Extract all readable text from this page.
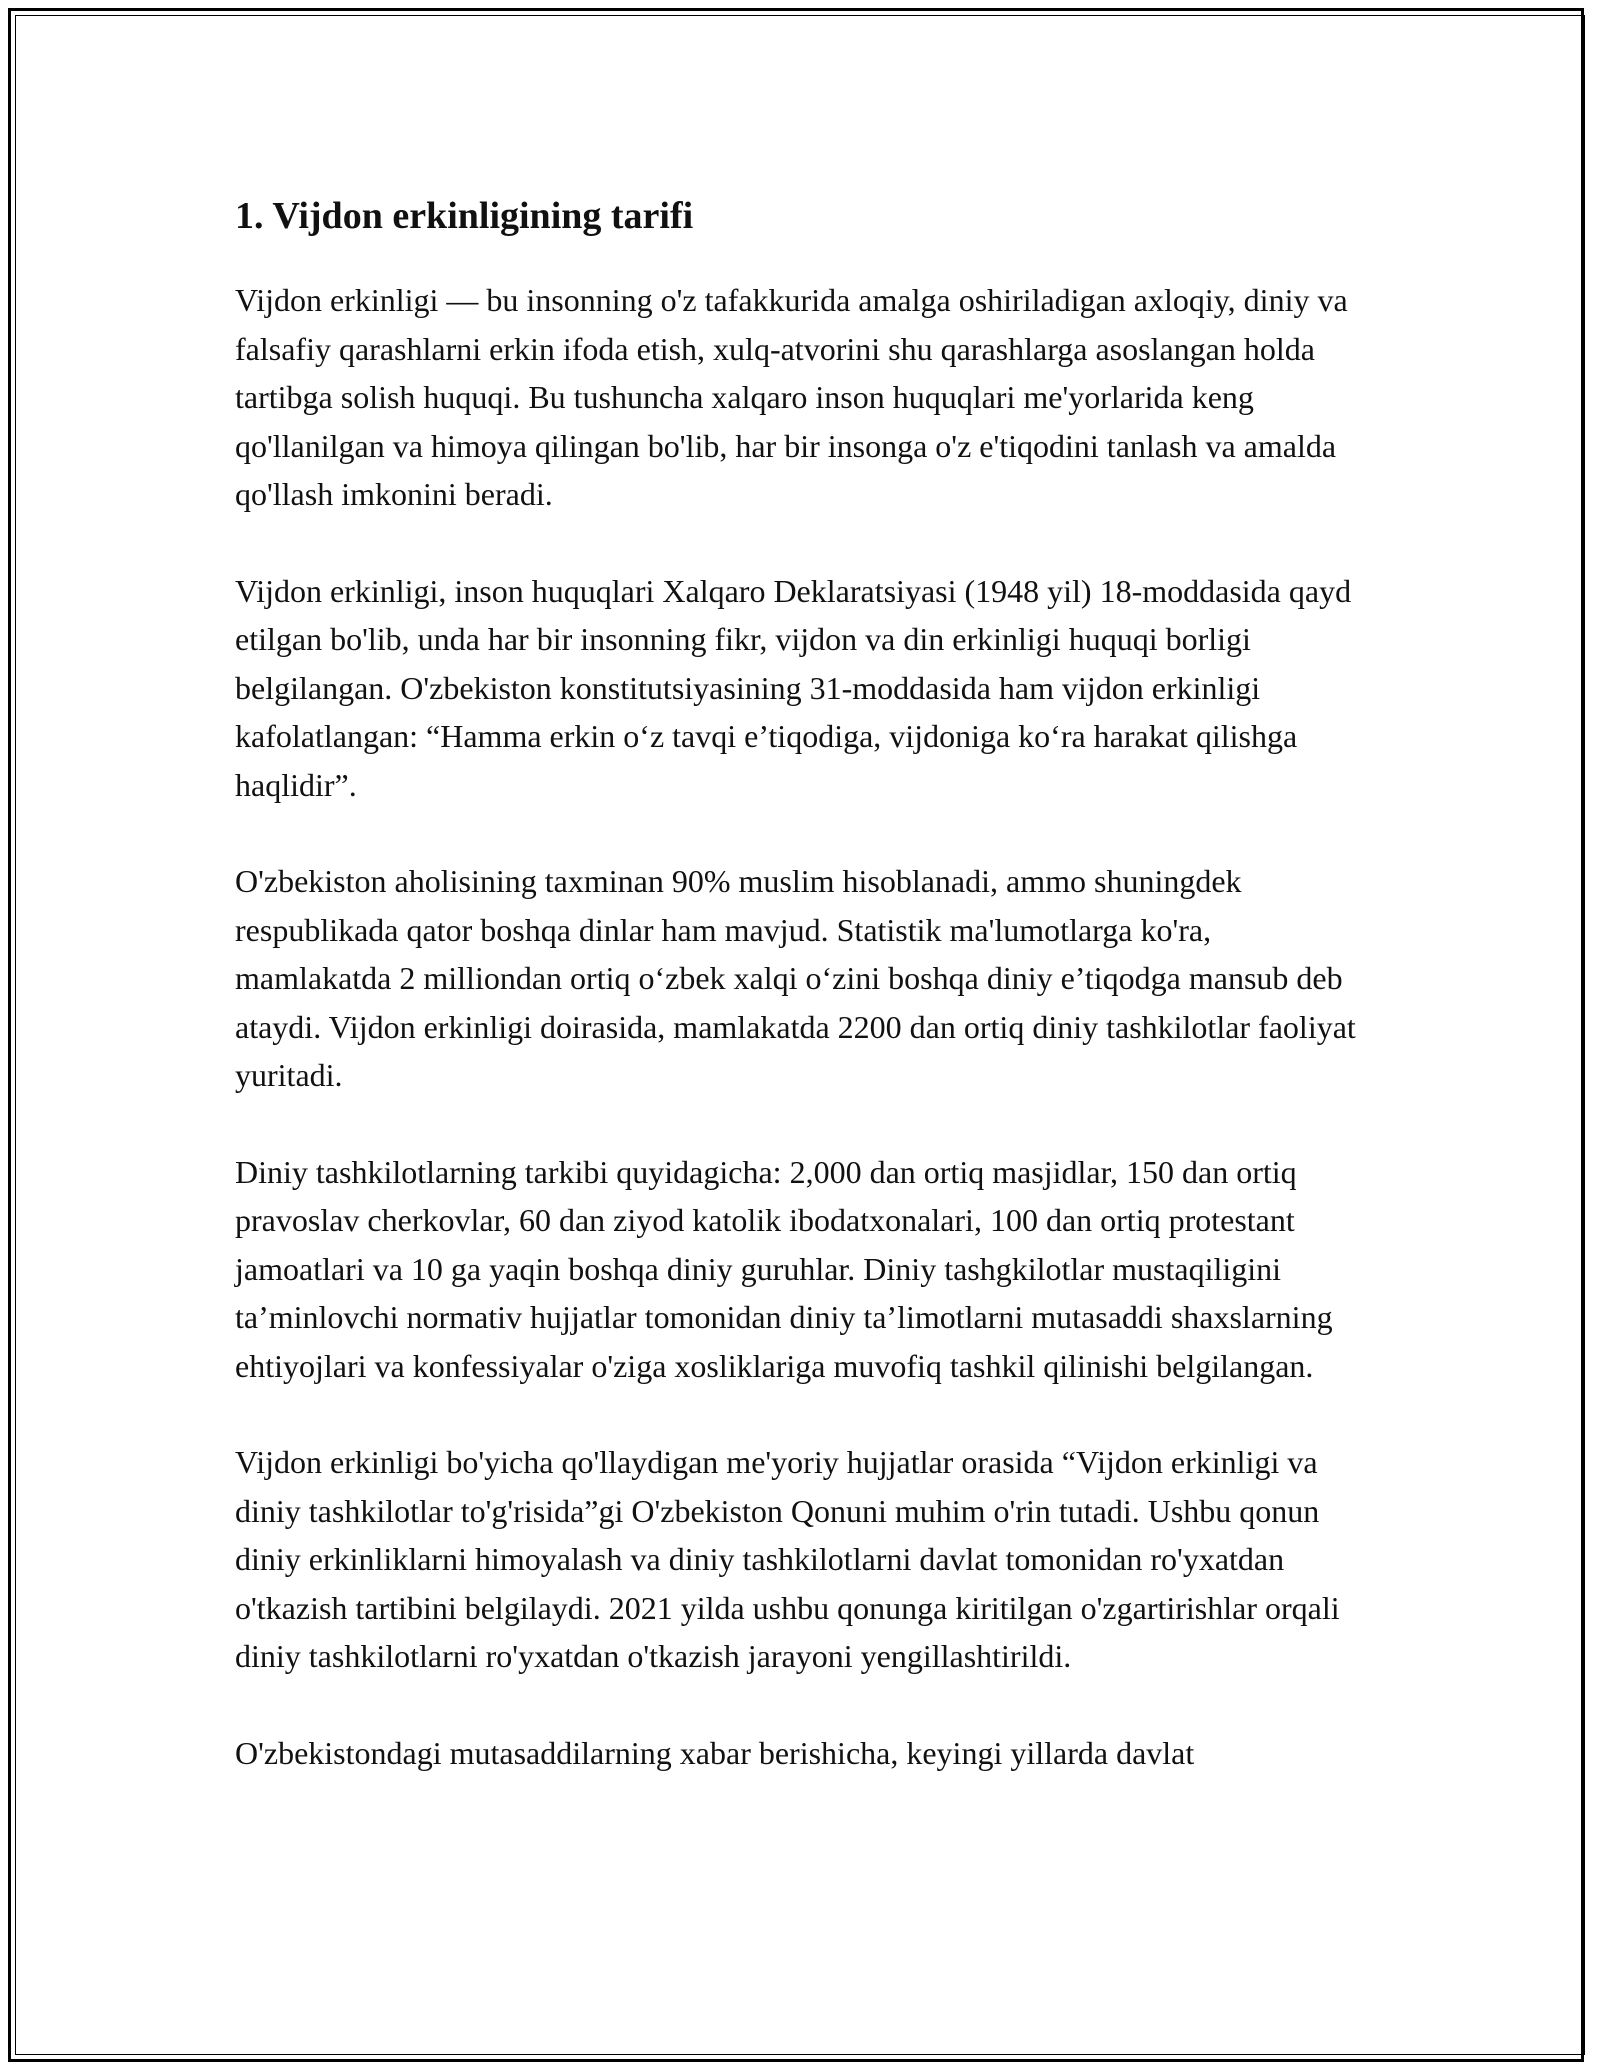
1. Vijdon erkinligining tarifi

Vijdon erkinligi — bu insonning o'z tafakkurida amalga oshiriladigan axloqiy, diniy va falsafiy qarashlarni erkin ifoda etish, xulq-atvorini shu qarashlarga asoslangan holda tartibga solish huquqi. Bu tushuncha xalqaro inson huquqlari me'yorlarida keng qo'llanilgan va himoya qilingan bo'lib, har bir insonga o'z e'tiqodini tanlash va amalda qo'llash imkonini beradi.

Vijdon erkinligi, inson huquqlari Xalqaro Deklaratsiyasi (1948 yil) 18-moddasida qayd etilgan bo'lib, unda har bir insonning fikr, vijdon va din erkinligi huquqi borligi belgilangan. O'zbekiston konstitutsiyasining 31-moddasida ham vijdon erkinligi kafolatlangan: “Hamma erkin o‘z tavqi e’tiqodiga, vijdoniga ko‘ra harakat qilishga haqlidir”.

O'zbekiston aholisining taxminan 90% muslim hisoblanadi, ammo shuningdek respublikada qator boshqa dinlar ham mavjud. Statistik ma'lumotlarga ko'ra, mamlakatda 2 milliondan ortiq o‘zbek xalqi o‘zini boshqa diniy e’tiqodga mansub deb ataydi. Vijdon erkinligi doirasida, mamlakatda 2200 dan ortiq diniy tashkilotlar faoliyat yuritadi.

Diniy tashkilotlarning tarkibi quyidagicha: 2,000 dan ortiq masjidlar, 150 dan ortiq pravoslav cherkovlar, 60 dan ziyod katolik ibodatxonalari, 100 dan ortiq protestant jamoatlari va 10 ga yaqin boshqa diniy guruhlar. Diniy tashgkilotlar mustaqiligini ta’minlovchi normativ hujjatlar tomonidan diniy ta’limotlarni mutasaddi shaxslarning ehtiyojlari va konfessiyalar o'ziga xosliklariga muvofiq tashkil qilinishi belgilangan.

Vijdon erkinligi bo'yicha qo'llaydigan me'yoriy hujjatlar orasida “Vijdon erkinligi va diniy tashkilotlar to'g'risida”gi O'zbekiston Qonuni muhim o'rin tutadi. Ushbu qonun diniy erkinliklarni himoyalash va diniy tashkilotlarni davlat tomonidan ro'yxatdan o'tkazish tartibini belgilaydi. 2021 yilda ushbu qonunga kiritilgan o'zgartirishlar orqali diniy tashkilotlarni ro'yxatdan o'tkazish jarayoni yengillashtirildi.

O'zbekistondagi mutasaddilarning xabar berishicha, keyingi yillarda davlat
